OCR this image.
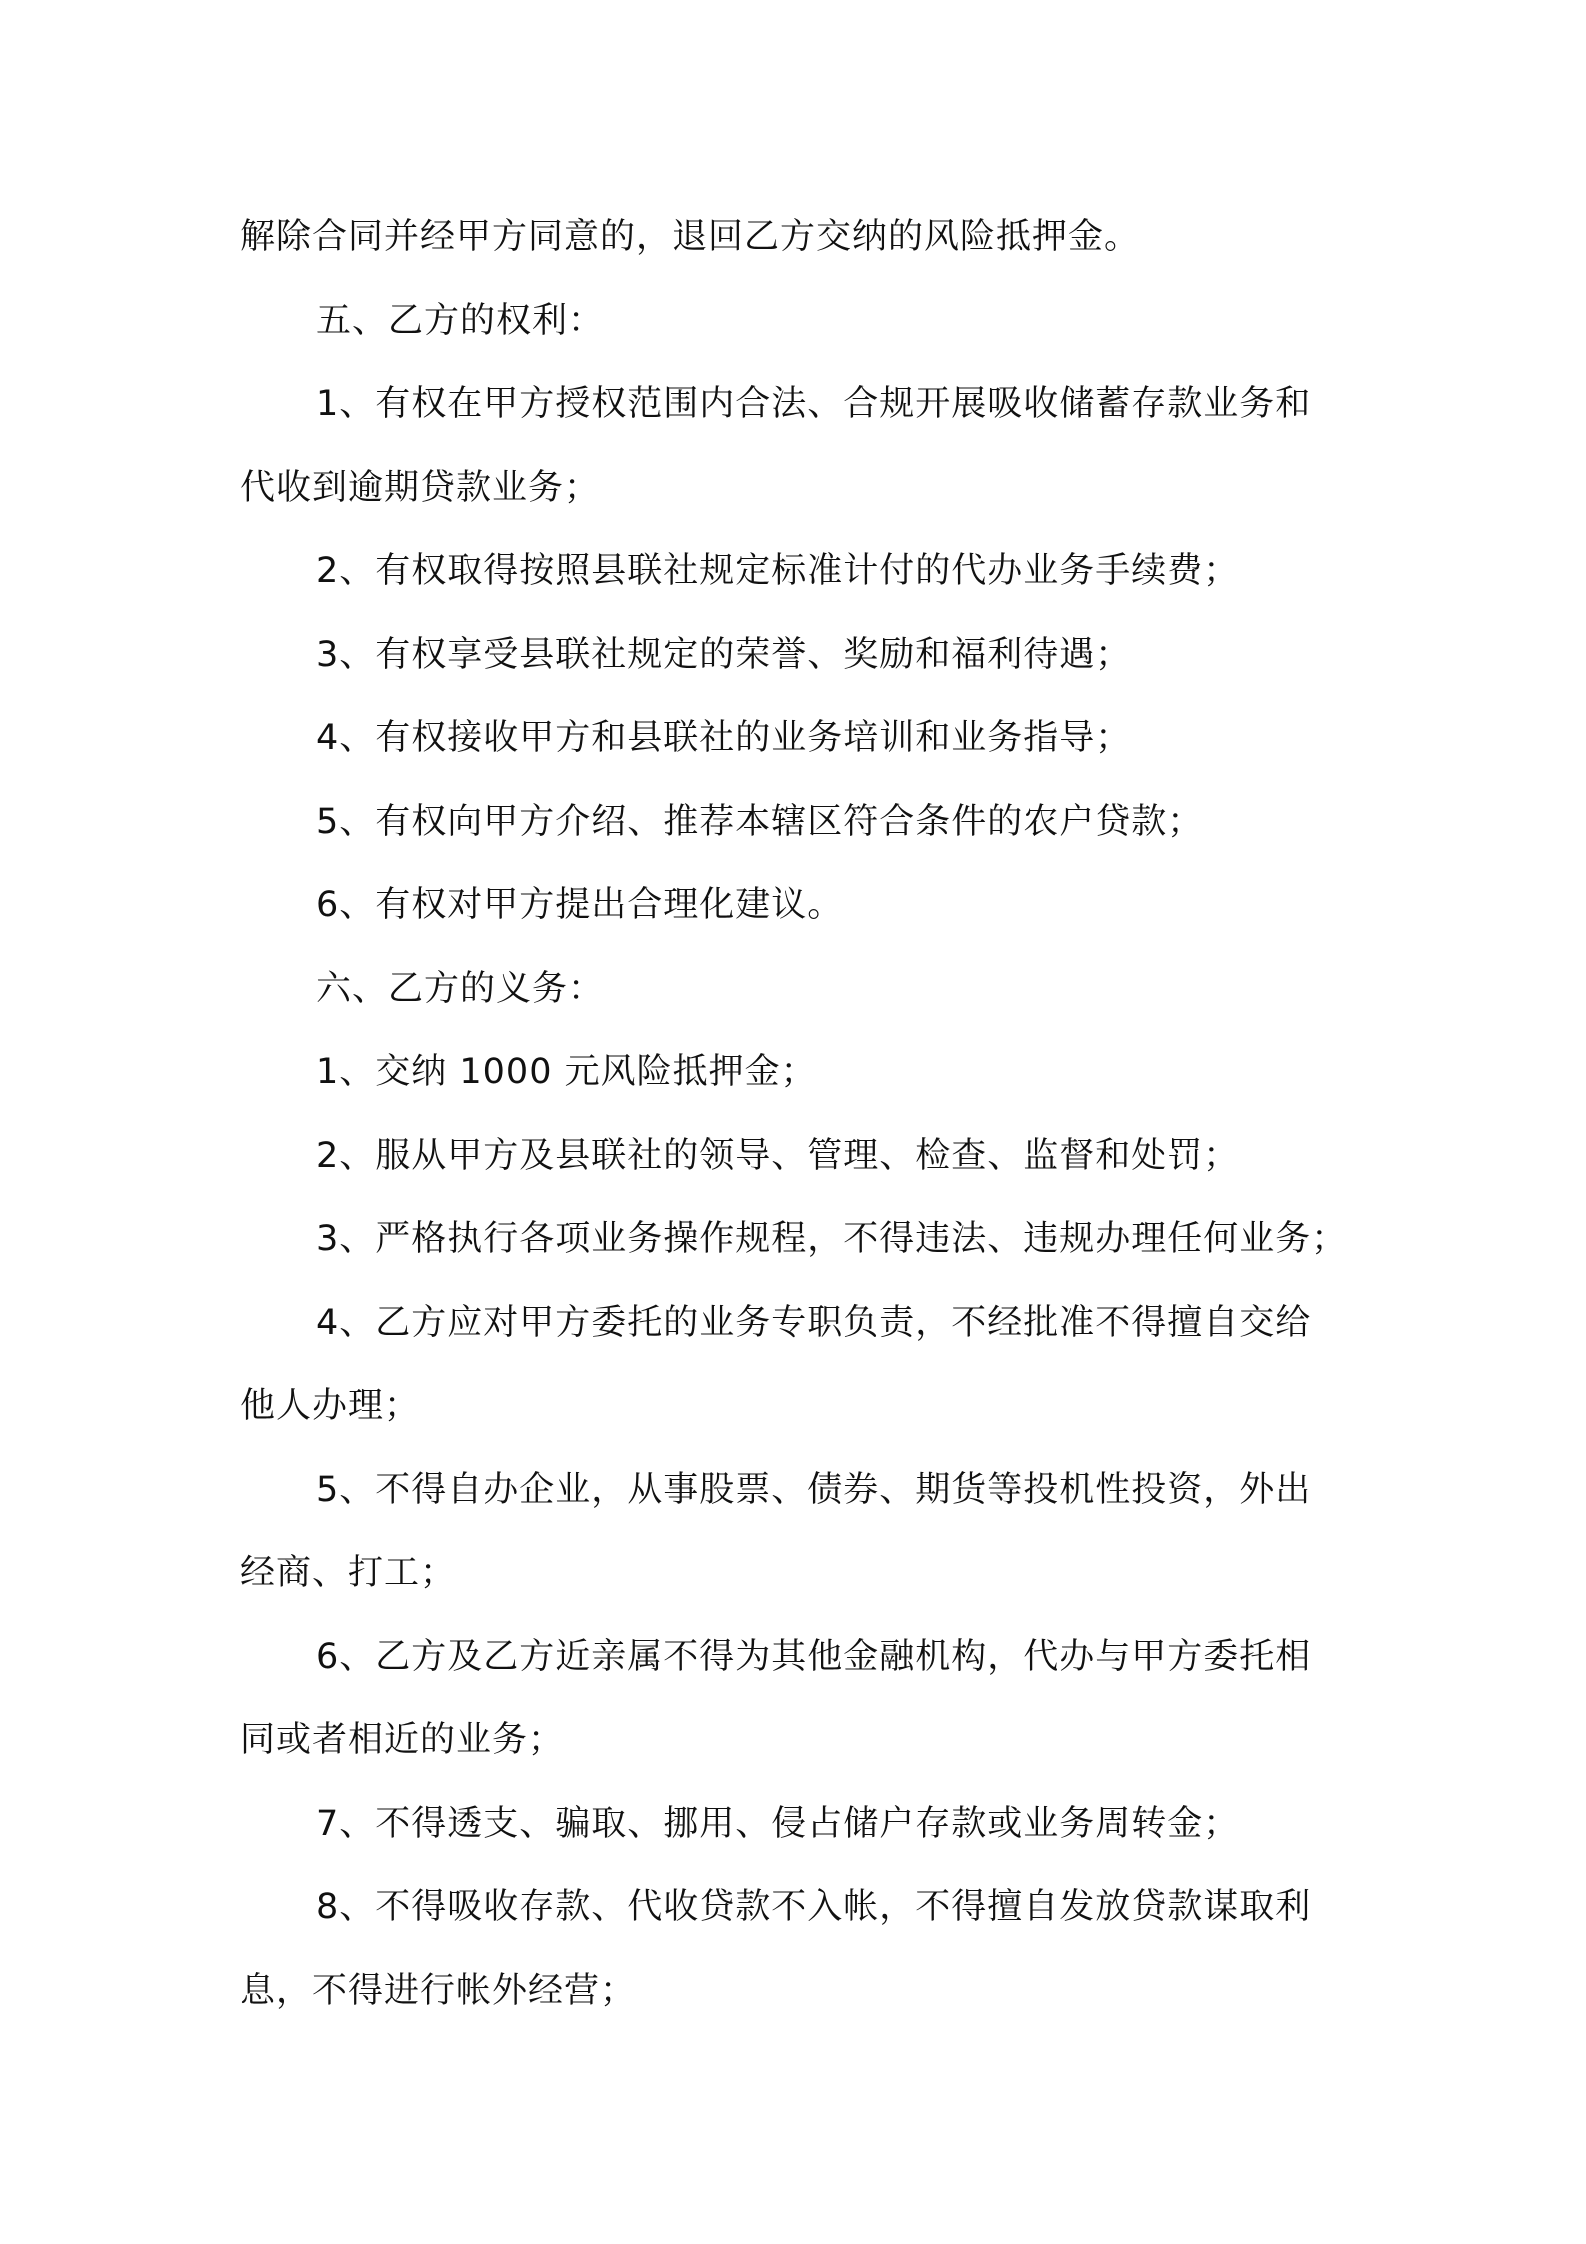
解除合同并经甲方同意的，退回乙方交纳的风险抵押金。
五、乙方的权利：
1、有权在甲方授权范围内合法、合规开展吸收储蓄存款业务和
代收到逾期贷款业务；
2、有权取得按照县联社规定标准计付的代办业务手续费；
3、有权享受县联社规定的荣誉、奖励和福利待遇；
4、有权接收甲方和县联社的业务培训和业务指导；
5、有权向甲方介绍、推荐本辖区符合条件的农户贷款；
6、有权对甲方提出合理化建议。
六、乙方的义务：
1、交纳 1000 元风险抵押金；
2、服从甲方及县联社的领导、管理、检查、监督和处罚；
3、严格执行各项业务操作规程，不得违法、违规办理任何业务；
4、乙方应对甲方委托的业务专职负责，不经批准不得擅自交给
他人办理；
5、不得自办企业，从事股票、债券、期货等投机性投资，外出
经商、打工；
6、乙方及乙方近亲属不得为其他金融机构，代办与甲方委托相
同或者相近的业务；
7、不得透支、骗取、挪用、侵占储户存款或业务周转金；
8、不得吸收存款、代收贷款不入帐，不得擅自发放贷款谋取利
息，不得进行帐外经营；
